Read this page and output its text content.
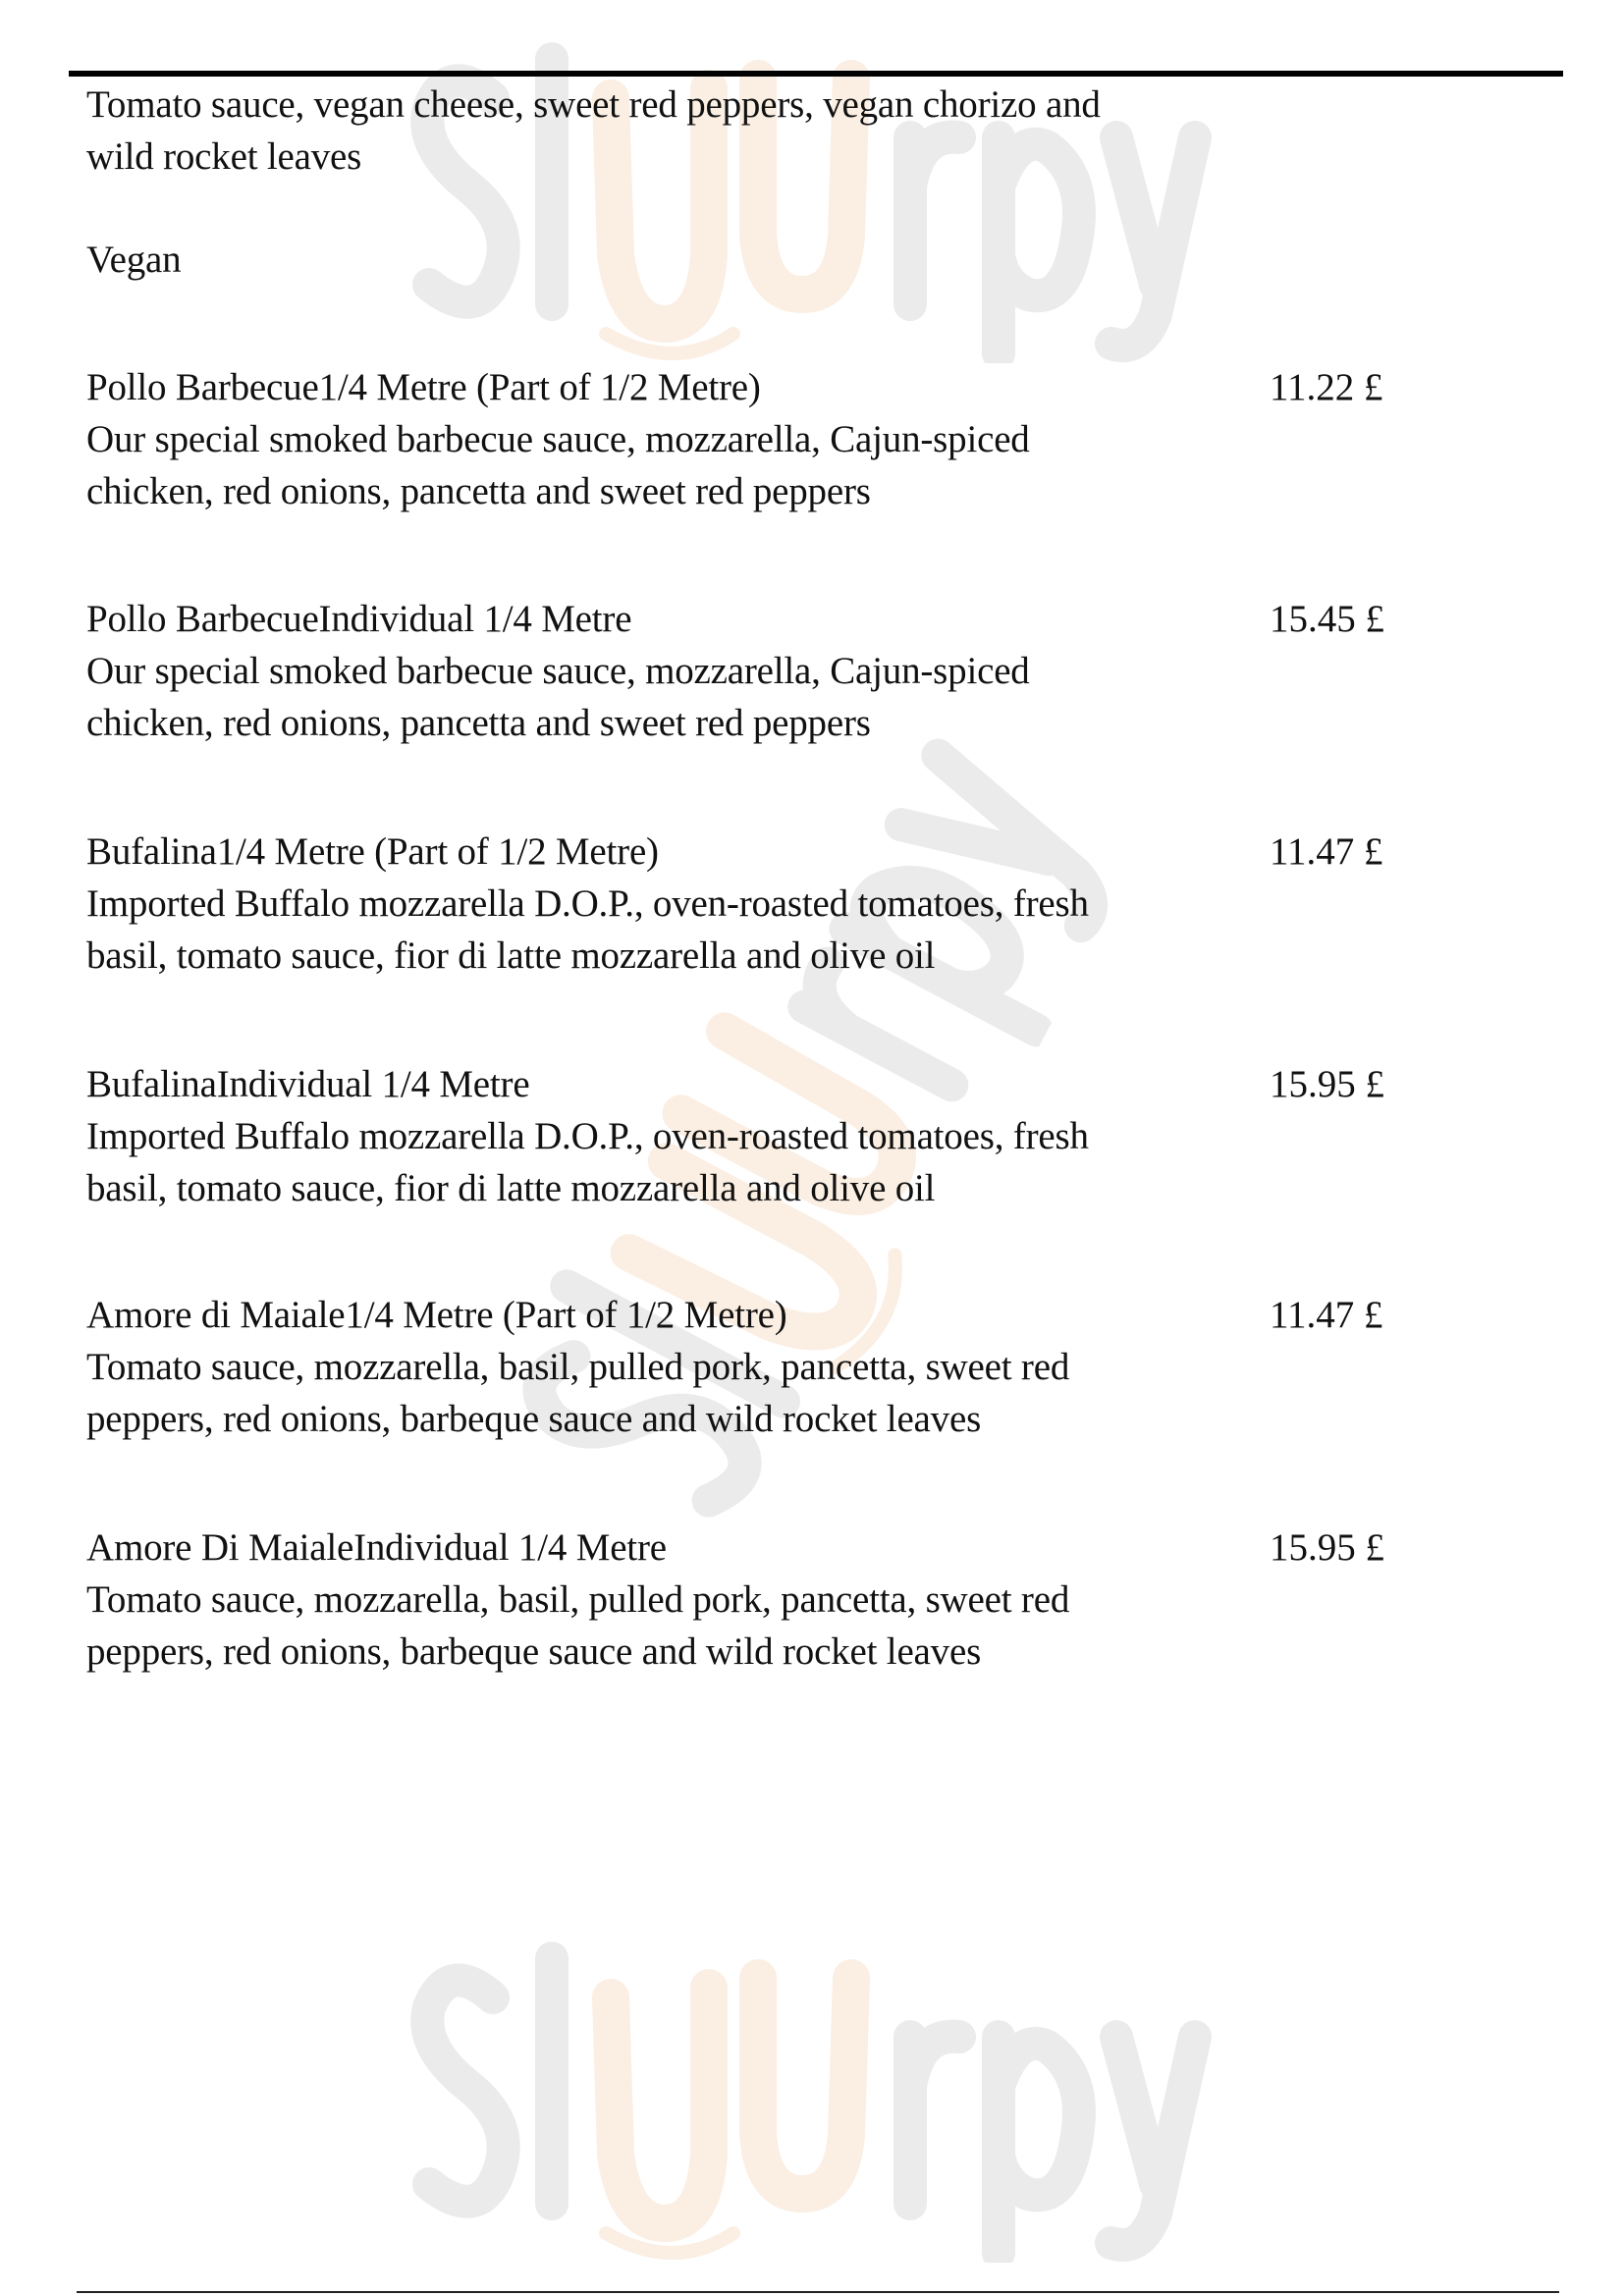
Tomato sauce, vegan cheese, sweet red peppers, vegan chorizo and
wild rocket leaves
Vegan
Pollo Barbecue1/4 Metre (Part of 1/2 Metre)
Our special smoked barbecue sauce, mozzarella, Cajun-spiced
chicken, red onions, pancetta and sweet red peppers
11.22 £
Pollo BarbecueIndividual 1/4 Metre
Our special smoked barbecue sauce, mozzarella, Cajun-spiced
chicken, red onions, pancetta and sweet red peppers
15.45 £
Bufalina1/4 Metre (Part of 1/2 Metre)
Imported Buffalo mozzarella D.O.P., oven-roasted tomatoes, fresh
basil, tomato sauce, fior di latte mozzarella and olive oil
11.47 £
BufalinaIndividual 1/4 Metre
Imported Buffalo mozzarella D.O.P., oven-roasted tomatoes, fresh
basil, tomato sauce, fior di latte mozzarella and olive oil
15.95 £
Amore di Maiale1/4 Metre (Part of 1/2 Metre)
Tomato sauce, mozzarella, basil, pulled pork, pancetta, sweet red
peppers, red onions, barbeque sauce and wild rocket leaves
11.47 £
Amore Di MaialeIndividual 1/4 Metre
Tomato sauce, mozzarella, basil, pulled pork, pancetta, sweet red
peppers, red onions, barbeque sauce and wild rocket leaves
15.95 £
